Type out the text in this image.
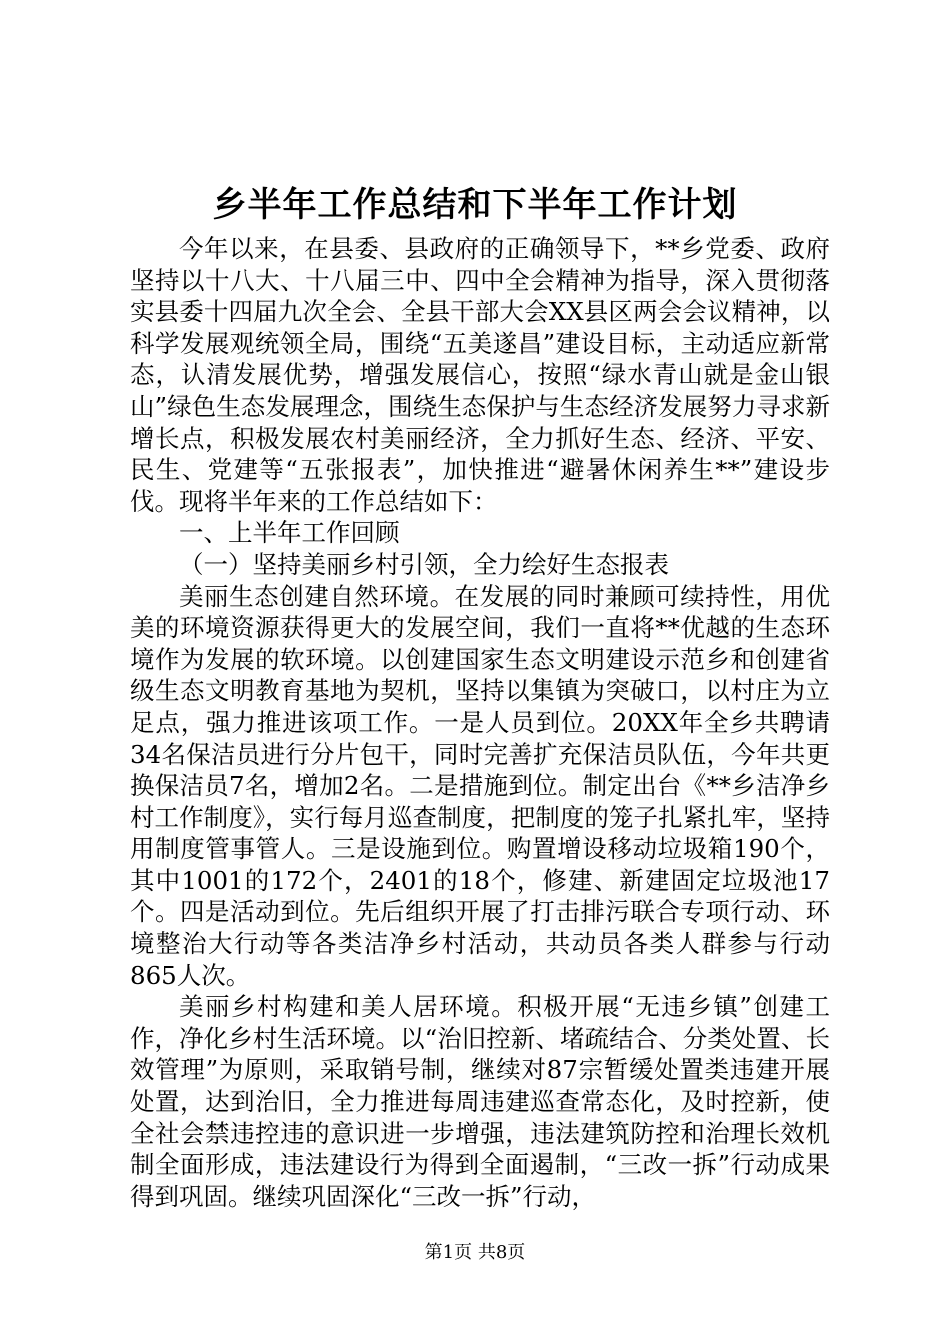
乡半年工作总结和下半年工作计划

今年以来，在县委、县政府的正确领导下，**乡党委、政府坚持以十八大、十八届三中、四中全会精神为指导，深入贯彻落实县委十四届九次全会、全县干部大会XX县区两会会议精神，以科学发展观统领全局，围绕“五美遂昌”建设目标，主动适应新常态，认清发展优势，增强发展信心，按照“绿水青山就是金山银山”绿色生态发展理念，围绕生态保护与生态经济发展努力寻求新增长点，积极发展农村美丽经济，全力抓好生态、经济、平安、民生、党建等“五张报表”，加快推进“避暑休闲养生**”建设步伐。现将半年来的工作总结如下：

一、上半年工作回顾

（一）坚持美丽乡村引领，全力绘好生态报表

美丽生态创建自然环境。在发展的同时兼顾可续持性，用优美的环境资源获得更大的发展空间，我们一直将**优越的生态环境作为发展的软环境。以创建国家生态文明建设示范乡和创建省级生态文明教育基地为契机，坚持以集镇为突破口，以村庄为立足点，强力推进该项工作。一是人员到位。20XX年全乡共聘请34名保洁员进行分片包干，同时完善扩充保洁员队伍，今年共更换保洁员7名，增加2名。二是措施到位。制定出台《**乡洁净乡村工作制度》，实行每月巡查制度，把制度的笼子扎紧扎牢，坚持用制度管事管人。三是设施到位。购置增设移动垃圾箱190个，其中1001的172个，2401的18个，修建、新建固定垃圾池17个。四是活动到位。先后组织开展了打击排污联合专项行动、环境整治大行动等各类洁净乡村活动，共动员各类人群参与行动865人次。

美丽乡村构建和美人居环境。积极开展“无违乡镇”创建工作，净化乡村生活环境。以“治旧控新、堵疏结合、分类处置、长效管理”为原则，采取销号制，继续对87宗暂缓处置类违建开展处置，达到治旧，全力推进每周违建巡查常态化，及时控新，使全社会禁违控违的意识进一步增强，违法建筑防控和治理长效机制全面形成，违法建设行为得到全面遏制，“三改一拆”行动成果得到巩固。继续巩固深化“三改一拆”行动，

第1页 共8页
